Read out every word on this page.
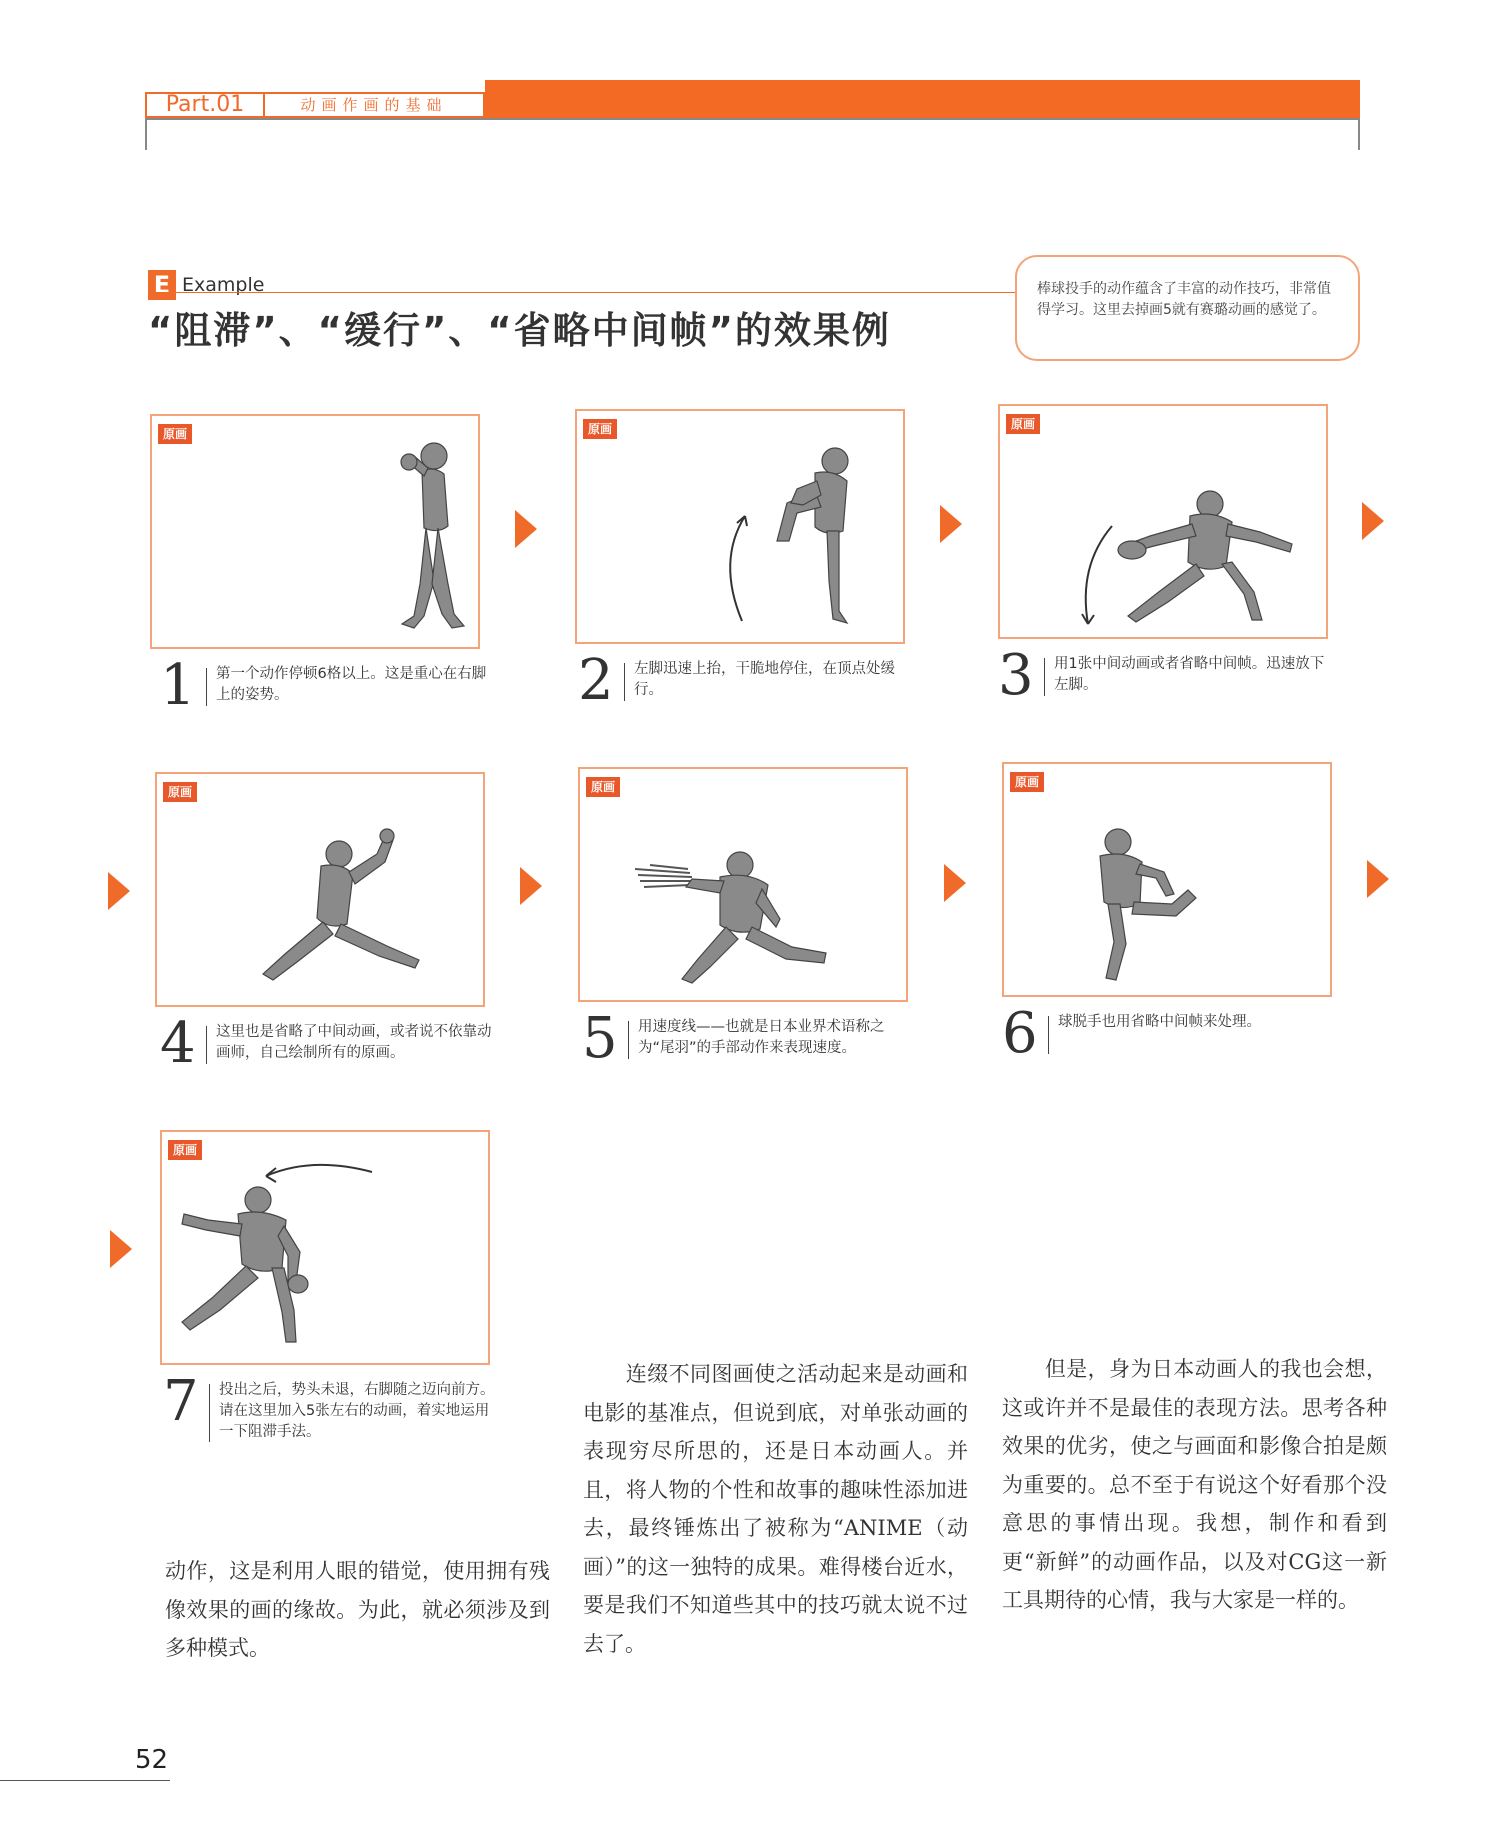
Part.01	动画作画的基础
E Example
“阻滞”、“缓行”、“省略中间帧”的效果例
棒球投手的动作蕴含了丰富的动作技巧，非常值得学习。这里去掉画5就有赛璐动画的感觉了。
原画
1 第一个动作停顿6格以上。这是重心在右脚上的姿势。
原画
2 左脚迅速上抬，干脆地停住，在顶点处缓行。
原画
3 用1张中间动画或者省略中间帧。迅速放下左脚。
原画
4 这里也是省略了中间动画，或者说不依靠动画师，自己绘制所有的原画。
原画
5 用速度线——也就是日本业界术语称之为“尾羽”的手部动作来表现速度。
原画
6 球脱手也用省略中间帧来处理。
原画
7 投出之后，势头未退，右脚随之迈向前方。请在这里加入5张左右的动画，着实地运用一下阻滞手法。
动作，这是利用人眼的错觉，使用拥有残像效果的画的缘故。为此，就必须涉及到多种模式。
　　连缀不同图画使之活动起来是动画和电影的基准点，但说到底，对单张动画的表现穷尽所思的，还是日本动画人。并且，将人物的个性和故事的趣味性添加进去，最终锤炼出了被称为“ANIME（动画）”的这一独特的成果。难得楼台近水，要是我们不知道些其中的技巧就太说不过去了。
　　但是，身为日本动画人的我也会想，这或许并不是最佳的表现方法。思考各种效果的优劣，使之与画面和影像合拍是颇为重要的。总不至于有说这个好看那个没意思的事情出现。我想，制作和看到更“新鲜”的动画作品，以及对CG这一新工具期待的心情，我与大家是一样的。
52
